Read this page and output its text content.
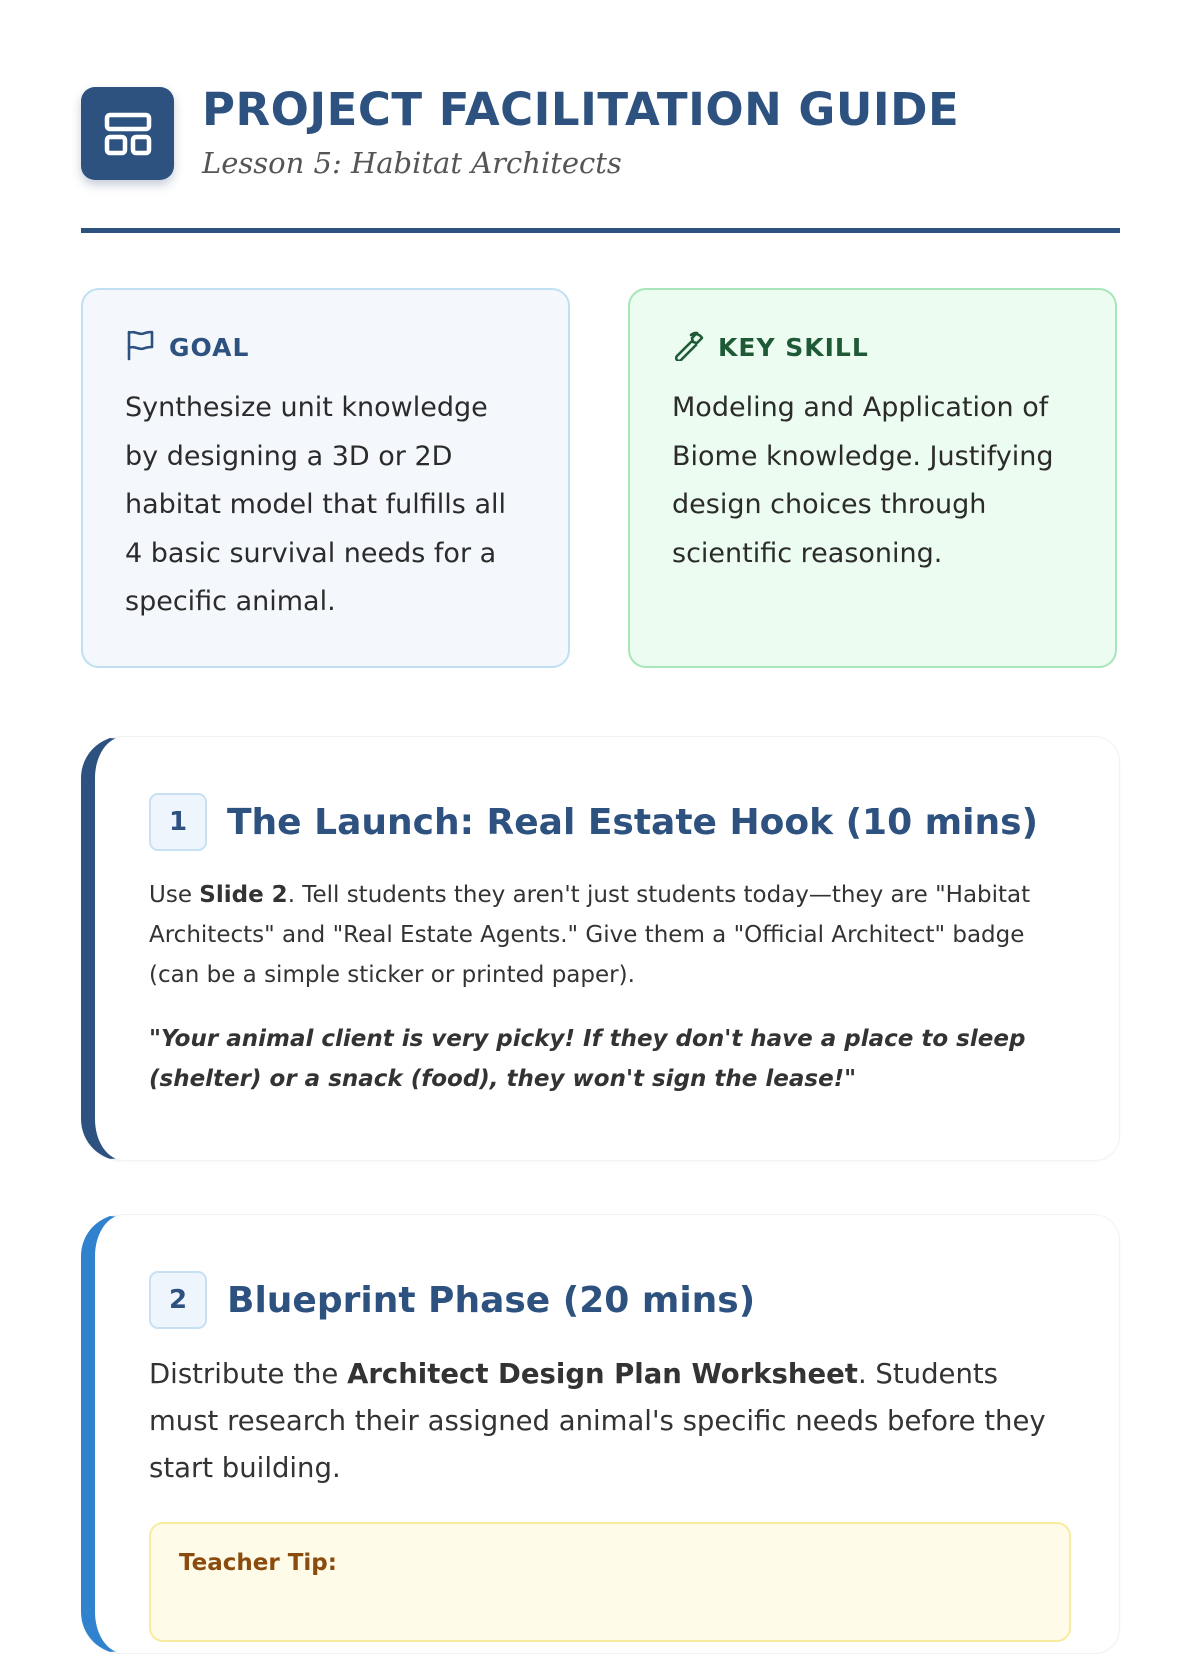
PROJECT FACILITATION GUIDE

Lesson 5: Habitat Architects

GOAL
Synthesize unit knowledge by designing a 3D or 2D habitat model that fulfills all 4 basic survival needs for a specific animal.
KEY SKILL
Modeling and Application of Biome knowledge. Justifying design choices through scientific reasoning.
1	The Launch: Real Estate Hook (10 mins)

Use Slide 2. Tell students they aren't just students today—they are "Habitat Architects" and "Real Estate Agents." Give them a "Official Architect" badge (can be a simple sticker or printed paper).

"Your animal client is very picky! If they don't have a place to sleep (shelter) or a snack (food), they won't sign the lease!"
2	Blueprint Phase (20 mins)

Distribute the Architect Design Plan Worksheet. Students must research their assigned animal's specific needs before they start building.

Teacher Tip:
